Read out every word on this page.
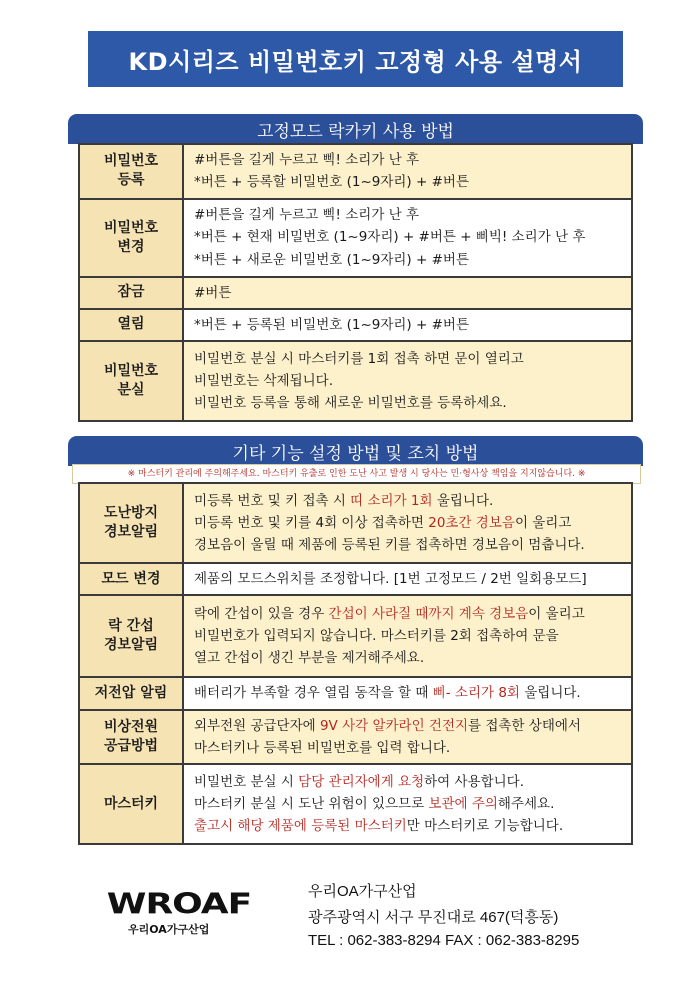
KD시리즈 비밀번호키 고정형 사용 설명서
고정모드 락카키 사용 방법
비밀번호
등록	#버튼을 길게 누르고 삑! 소리가 난 후
*버튼 + 등록할 비밀번호 (1~9자리) + #버튼

비밀번호
변경	#버튼을 길게 누르고 삑! 소리가 난 후
*버튼 + 현재 비밀번호 (1~9자리) + #버튼 + 삐빅! 소리가 난 후
*버튼 + 새로운 비밀번호 (1~9자리) + #버튼

잠금	#버튼

열림	*버튼 + 등록된 비밀번호 (1~9자리) + #버튼

비밀번호
분실	비밀번호 분실 시 마스터키를 1회 접촉 하면 문이 열리고
비밀번호는 삭제됩니다.
비밀번호 등록을 통해 새로운 비밀번호를 등록하세요.
기타 기능 설정 방법 및 조치 방법
※ 마스터키 관리에 주의해주세요. 마스터키 유출로 인한 도난 사고 발생 시 당사는 민·형사상 책임을 지지않습니다. ※
도난방지
경보알림	미등록 번호 및 키 접촉 시 띠 소리가 1회 울립니다.
미등록 번호 및 키를 4회 이상 접촉하면 20초간 경보음이 울리고
경보음이 울릴 때 제품에 등록된 키를 접촉하면 경보음이 멈춥니다.

모드 변경	제품의 모드스위치를 조정합니다. [1번 고정모드 / 2번 일회용모드]

락 간섭
경보알림	락에 간섭이 있을 경우 간섭이 사라질 때까지 계속 경보음이 울리고
비밀번호가 입력되지 않습니다. 마스터키를 2회 접촉하여 문을
열고 간섭이 생긴 부분을 제거해주세요.

저전압 알림	배터리가 부족할 경우 열림 동작을 할 때 삐- 소리가 8회 울립니다.

비상전원
공급방법	외부전원 공급단자에 9V 사각 알카라인 건전지를 접촉한 상태에서
마스터키나 등록된 비밀번호를 입력 합니다.

마스터키	비밀번호 분실 시 담당 관리자에게 요청하여 사용합니다.
마스터키 분실 시 도난 위험이 있으므로 보관에 주의해주세요.
출고시 해당 제품에 등록된 마스터키만 마스터키로 기능합니다.
WROAF
우리OA가구산업
우리OA가구산업
광주광역시 서구 무진대로 467(덕흥동)
TEL : 062-383-8294 FAX : 062-383-8295
